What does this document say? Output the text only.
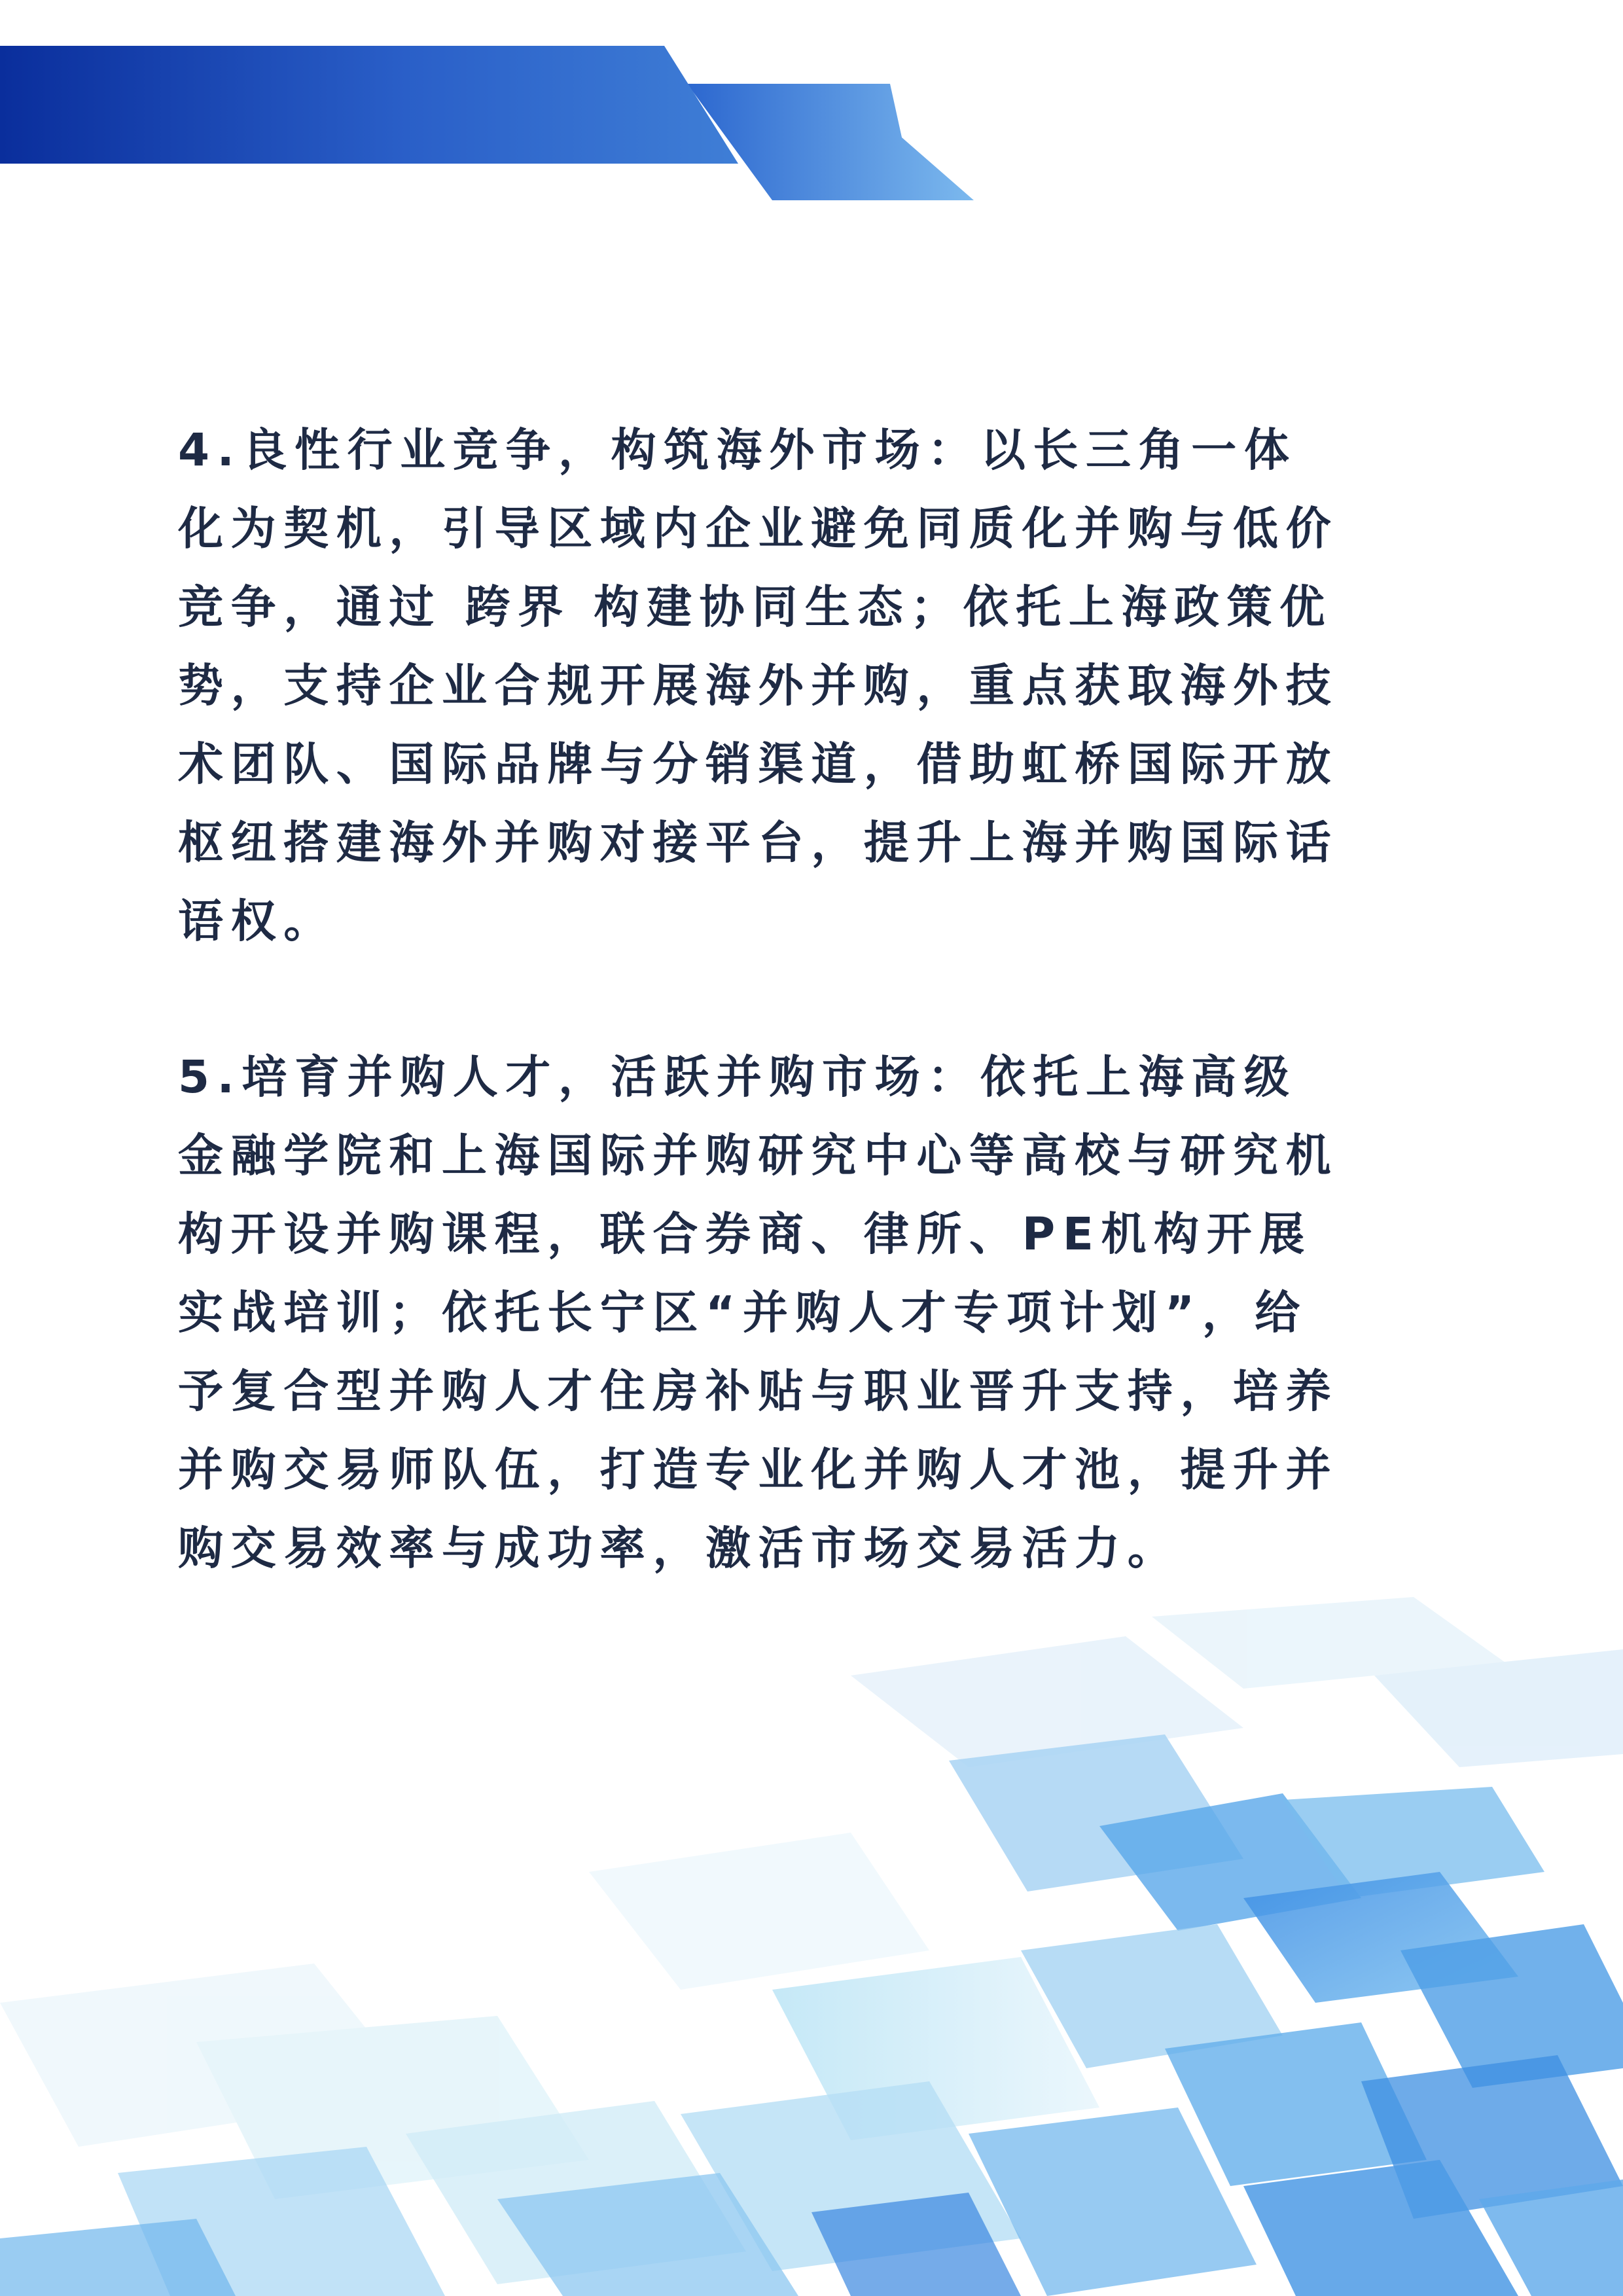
4.良性行业竞争，构筑海外市场：以长三角一体
化为契机，引导区域内企业避免同质化并购与低价
竞争，通过 跨界 构建协同生态；依托上海政策优
势，支持企业合规开展海外并购，重点获取海外技
术团队、国际品牌与分销渠道，借助虹桥国际开放
枢纽搭建海外并购对接平台，提升上海并购国际话
语权。

5.培育并购人才，活跃并购市场：依托上海高级
金融学院和上海国际并购研究中心等高校与研究机
构开设并购课程，联合券商、律所、PE机构开展
实战培训；依托长宁区“并购人才专项计划”，给
予复合型并购人才住房补贴与职业晋升支持，培养
并购交易师队伍，打造专业化并购人才池，提升并
购交易效率与成功率，激活市场交易活力。
